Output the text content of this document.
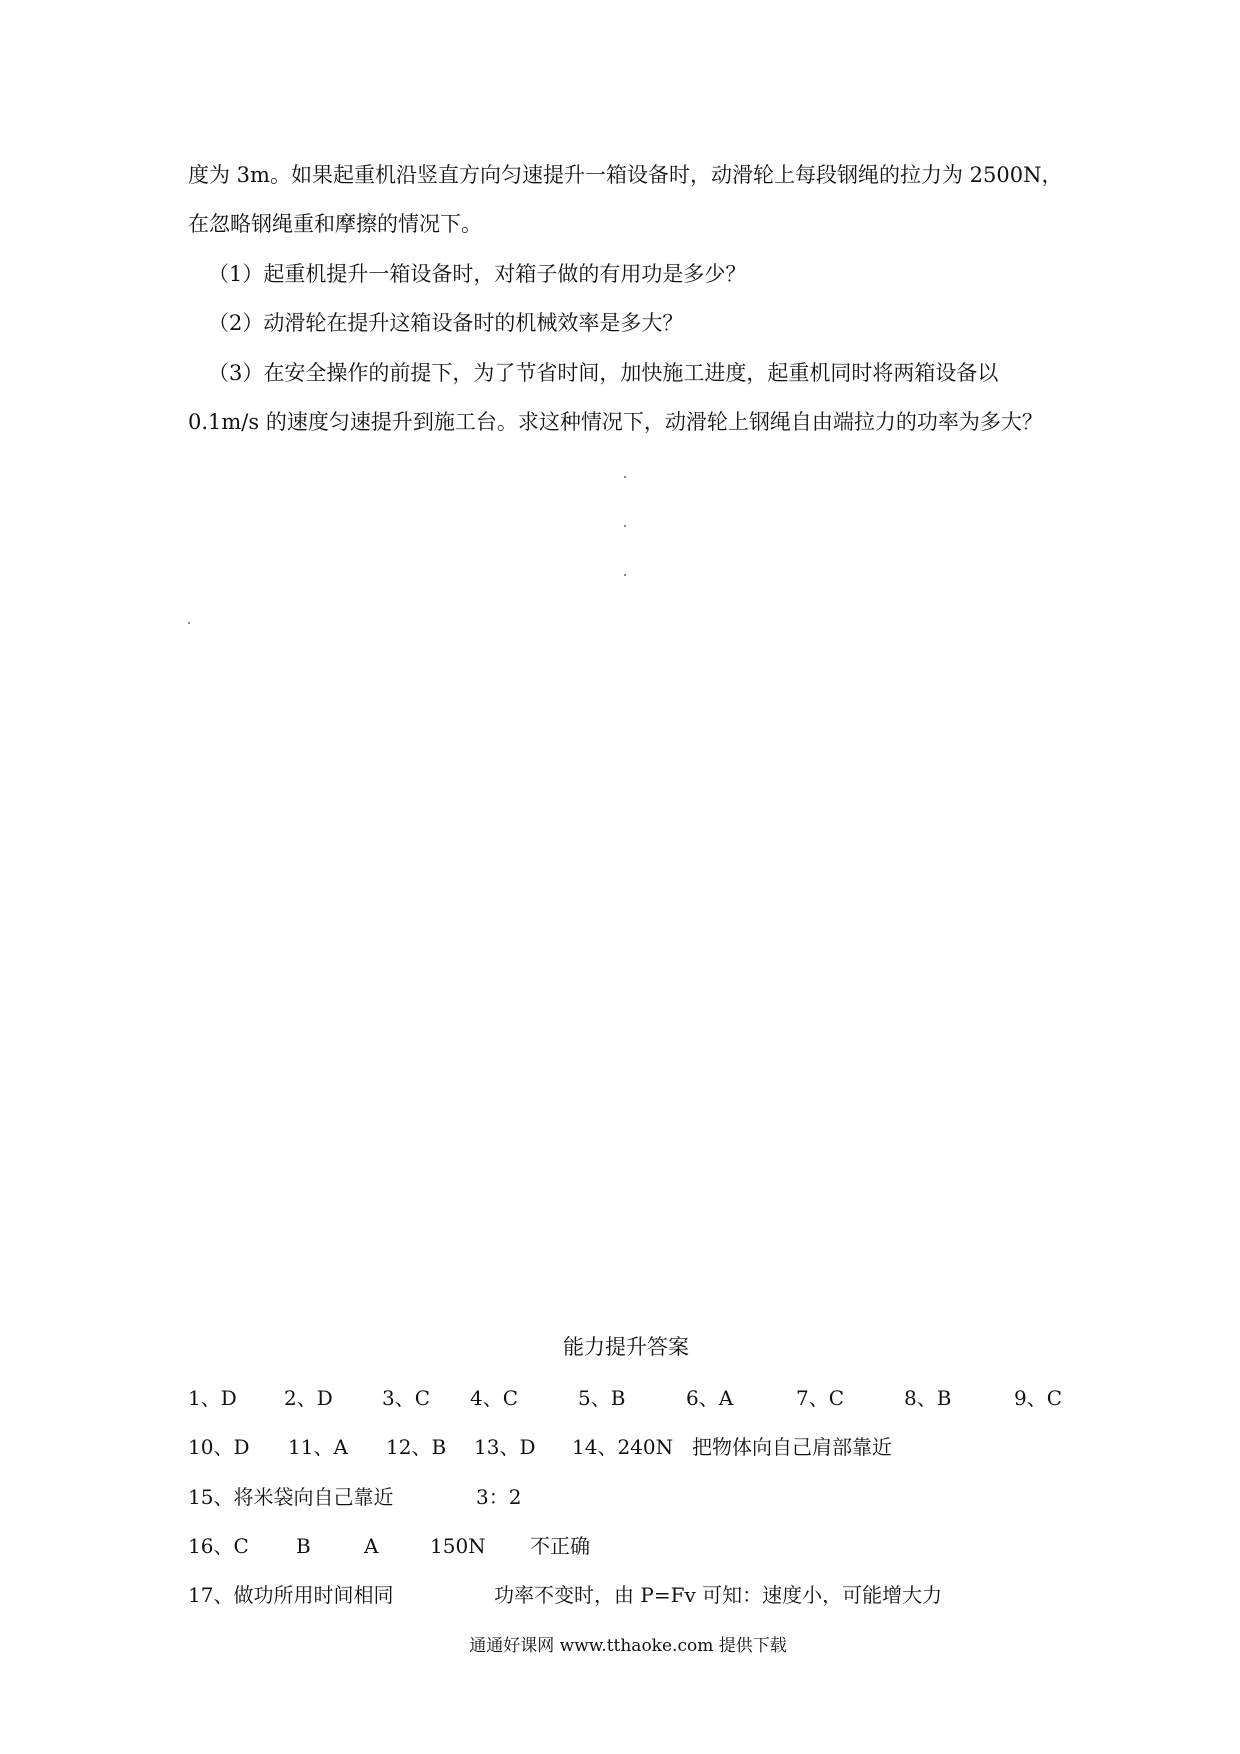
度为 3m。如果起重机沿竖直方向匀速提升一箱设备时，动滑轮上每段钢绳的拉力为 2500N，
在忽略钢绳重和摩擦的情况下。
（1）起重机提升一箱设备时，对箱子做的有用功是多少？
（2）动滑轮在提升这箱设备时的机械效率是多大？
（3）在安全操作的前提下，为了节省时间，加快施工进度，起重机同时将两箱设备以
0.1m/s 的速度匀速提升到施工台。求这种情况下，动滑轮上钢绳自由端拉力的功率为多大？
能力提升答案
1、D 2、D 3、C 4、C	5、B	6、A	7、C	8、B	9、C
10、D 11、A 12、B 13、D 14、240N 把物体向自己肩部靠近
15、将米袋向自己靠近	3：2
16、C B	A	150N 不正确
17、做功所用时间相同	功率不变时，由 P=Fv 可知：速度小，可能增大力
通通好课网 www.tthaoke.com 提供下载
